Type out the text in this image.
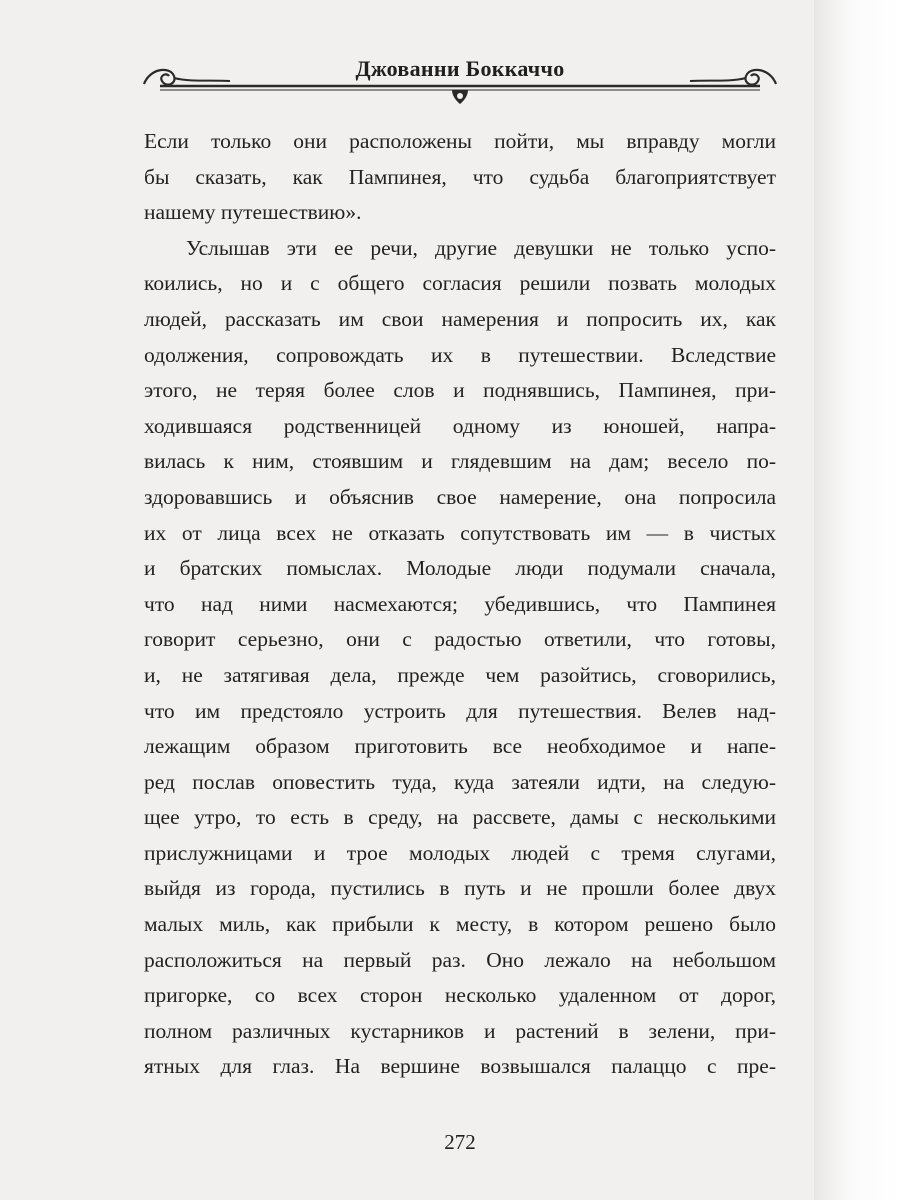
Джованни Боккаччо
Если только они расположены пойти, мы вправду могли
бы сказать, как Пампинея, что судьба благоприятствует
нашему путешествию».
Услышав эти ее речи, другие девушки не только успо-
коились, но и с общего согласия решили позвать молодых
людей, рассказать им свои намерения и попросить их, как
одолжения, сопровождать их в путешествии. Вследствие
этого, не теряя более слов и поднявшись, Пампинея, при-
ходившаяся родственницей одному из юношей, напра-
вилась к ним, стоявшим и глядевшим на дам; весело по-
здоровавшись и объяснив свое намерение, она попросила
их от лица всех не отказать сопутствовать им — в чистых
и братских помыслах. Молодые люди подумали сначала,
что над ними насмехаются; убедившись, что Пампинея
говорит серьезно, они с радостью ответили, что готовы,
и, не затягивая дела, прежде чем разойтись, сговорились,
что им предстояло устроить для путешествия. Велев над-
лежащим образом приготовить все необходимое и напе-
ред послав оповестить туда, куда затеяли идти, на следую-
щее утро, то есть в среду, на рассвете, дамы с несколькими
прислужницами и трое молодых людей с тремя слугами,
выйдя из города, пустились в путь и не прошли более двух
малых миль, как прибыли к месту, в котором решено было
расположиться на первый раз. Оно лежало на небольшом
пригорке, со всех сторон несколько удаленном от дорог,
полном различных кустарников и растений в зелени, при-
ятных для глаз. На вершине возвышался палаццо с пре-
272
